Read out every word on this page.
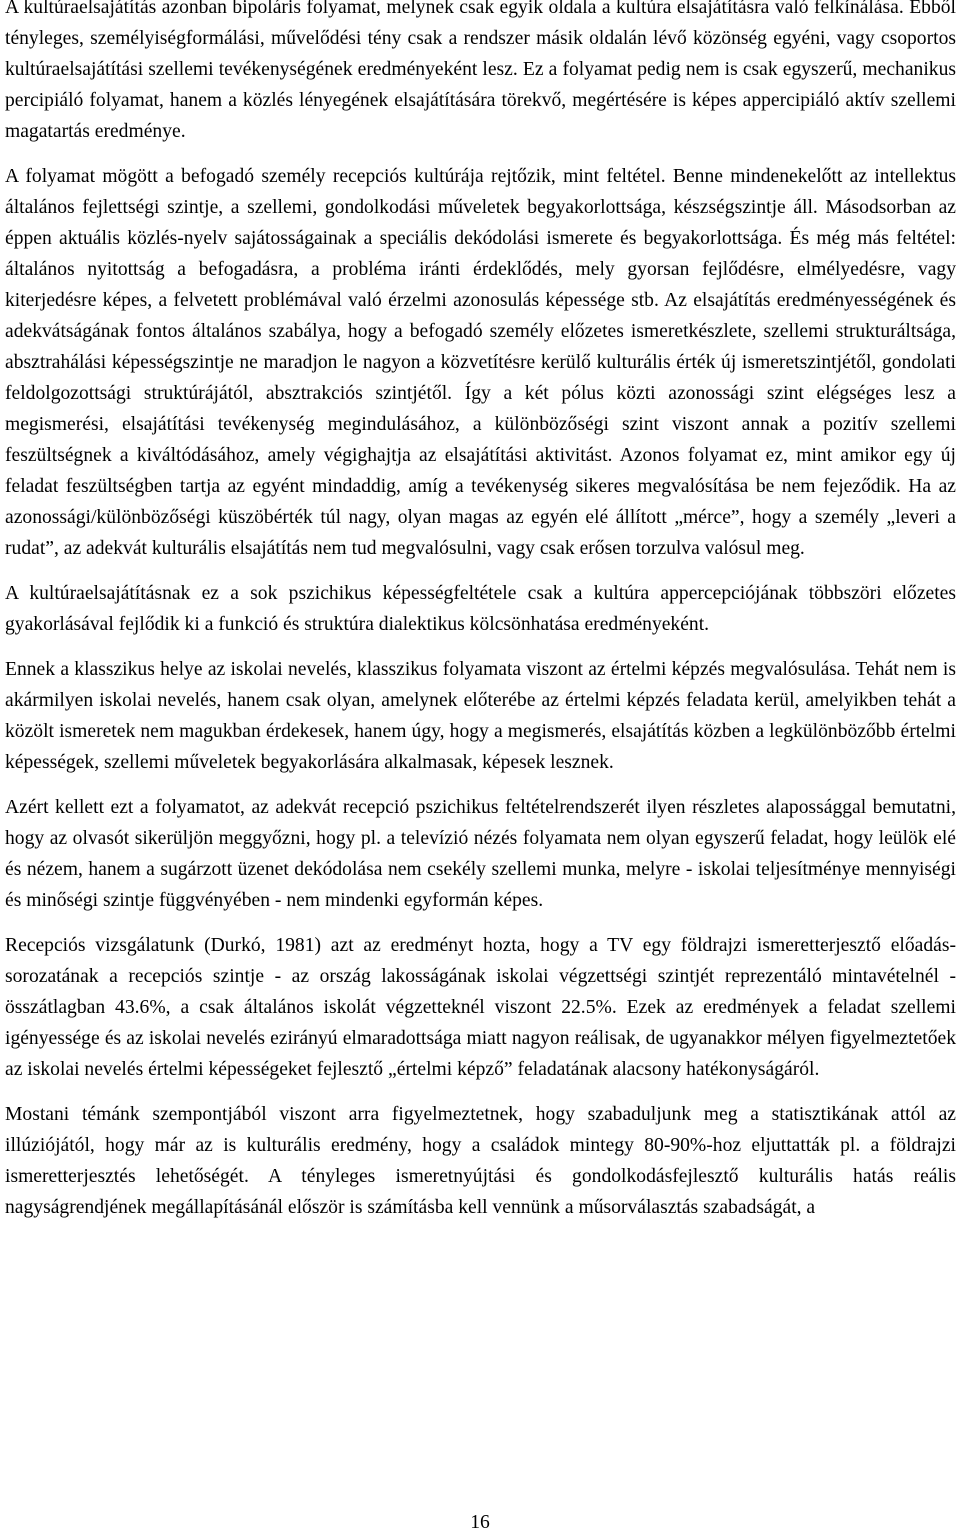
A kultúraelsajátítás azonban bipoláris folyamat, melynek csak egyik oldala a kultúra elsajátításra való felkínálása. Ebből tényleges, személyiségformálási, művelődési tény csak a rendszer másik oldalán lévő közönség egyéni, vagy csoportos kultúraelsajátítási szellemi tevékenységének eredményeként lesz. Ez a folyamat pedig nem is csak egyszerű, mechanikus percipiáló folyamat, hanem a közlés lényegének elsajátítására törekvő, megértésére is képes appercipiáló aktív szellemi magatartás eredménye.

A folyamat mögött a befogadó személy recepciós kultúrája rejtőzik, mint feltétel. Benne mindenekelőtt az intellektus általános fejlettségi szintje, a szellemi, gondolkodási műveletek begyakorlottsága, készségszintje áll. Másodsorban az éppen aktuális közlés-nyelv sajátosságainak a speciális dekódolási ismerete és begyakorlottsága. És még más feltétel: általános nyitottság a befogadásra, a probléma iránti érdeklődés, mely gyorsan fejlődésre, elmélyedésre, vagy kiterjedésre képes, a felvetett problémával való érzelmi azonosulás képessége stb. Az elsajátítás eredményességének és adekvátságának fontos általános szabálya, hogy a befogadó személy előzetes ismeretkészlete, szellemi strukturáltsága, absztrahálási képességszintje ne maradjon le nagyon a közvetítésre kerülő kulturális érték új ismeretszintjétől, gondolati feldolgozottsági struktúrájától, absztrakciós szintjétől. Így a két pólus közti azonossági szint elégséges lesz a megismerési, elsajátítási tevékenység megindulásához, a különbözőségi szint viszont annak a pozitív szellemi feszültségnek a kiváltódásához, amely végighajtja az elsajátítási aktivitást. Azonos folyamat ez, mint amikor egy új feladat feszültségben tartja az egyént mindaddig, amíg a tevékenység sikeres megvalósítása be nem fejeződik. Ha az azonossági/különbözőségi küszöbérték túl nagy, olyan magas az egyén elé állított „mérce”, hogy a személy „leveri a rudat”, az adekvát kulturális elsajátítás nem tud megvalósulni, vagy csak erősen torzulva valósul meg.

A kultúraelsajátításnak ez a sok pszichikus képességfeltétele csak a kultúra appercepciójának többszöri előzetes gyakorlásával fejlődik ki a funkció és struktúra dialektikus kölcsönhatása eredményeként.

Ennek a klasszikus helye az iskolai nevelés, klasszikus folyamata viszont az értelmi képzés megvalósulása. Tehát nem is akármilyen iskolai nevelés, hanem csak olyan, amelynek előterébe az értelmi képzés feladata kerül, amelyikben tehát a közölt ismeretek nem magukban érdekesek, hanem úgy, hogy a megismerés, elsajátítás közben a legkülönbözőbb értelmi képességek, szellemi műveletek begyakorlására alkalmasak, képesek lesznek.

Azért kellett ezt a folyamatot, az adekvát recepció pszichikus feltételrendszerét ilyen részletes alapossággal bemutatni, hogy az olvasót sikerüljön meggyőzni, hogy pl. a televízió nézés folyamata nem olyan egyszerű feladat, hogy leülök elé és nézem, hanem a sugárzott üzenet dekódolása nem csekély szellemi munka, melyre - iskolai teljesítménye mennyiségi és minőségi szintje függvényében - nem mindenki egyformán képes.

Recepciós vizsgálatunk (Durkó, 1981) azt az eredményt hozta, hogy a TV egy földrajzi ismeretterjesztő előadás-sorozatának a recepciós szintje - az ország lakosságának iskolai végzettségi szintjét reprezentáló mintavételnél - összátlagban 43.6%, a csak általános iskolát végzetteknél viszont 22.5%. Ezek az eredmények a feladat szellemi igényessége és az iskolai nevelés ezirányú elmaradottsága miatt nagyon reálisak, de ugyanakkor mélyen figyelmeztetőek az iskolai nevelés értelmi képességeket fejlesztő „értelmi képző” feladatának alacsony hatékonyságáról.

Mostani témánk szempontjából viszont arra figyelmeztetnek, hogy szabaduljunk meg a statisztikának attól az illúziójától, hogy már az is kulturális eredmény, hogy a családok mintegy 80-90%-hoz eljuttatták pl. a földrajzi ismeretterjesztés lehetőségét. A tényleges ismeretnyújtási és gondolkodásfejlesztő kulturális hatás reális nagyságrendjének megállapításánál először is számításba kell vennünk a műsorválasztás szabadságát, a

16
